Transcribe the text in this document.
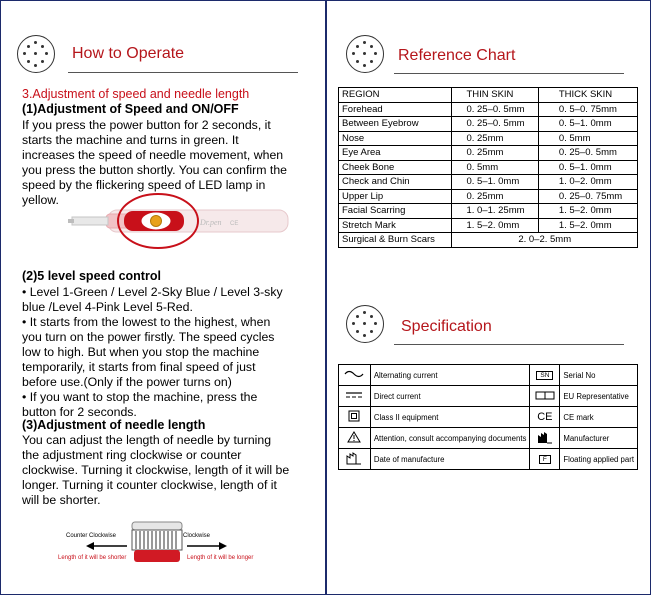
How to Operate
3.Adjustment of speed and needle length
(1)Adjustment of Speed and ON/OFF
If you press the power button for 2 seconds, it
starts the machine and turns in green. It
increases the speed of needle movement, when
you press the button shortly. You can confirm the
speed by the flickering speed of LED lamp in
yellow.
Dr.pen CE
(2)5 level speed control
• Level 1-Green / Level 2-Sky Blue / Level 3-sky
blue /Level 4-Pink Level 5-Red.
• It starts from the lowest to the highest, when
you turn on the power firstly. The speed cycles
low to high. But when you stop the machine
temporarily, it starts from final speed of just
before use.(Only if the power turns on)
• If you want to stop the machine, press the
button for 2 seconds.
(3)Adjustment of needle length
You can adjust the length of needle by turning
the adjustment ring clockwise or counter
clockwise. Turning it clockwise, length of it will be
longer. Turning it counter clockwise, length of it
will be shorter.
Counter Clockwise	Clockwise
Length of it will be shorter	Length of it will be longer
Reference Chart
REGION	THIN SKIN	THICK SKIN
Forehead	0. 25–0. 5mm	0. 5–0. 75mm
Between Eyebrow	0. 25–0. 5mm	0. 5–1. 0mm
Nose	0. 25mm	0. 5mm
Eye Area	0. 25mm	0. 25–0. 5mm
Cheek Bone	0. 5mm	0. 5–1. 0mm
Check and Chin	0. 5–1. 0mm	1. 0–2. 0mm
Upper Lip	0. 25mm	0. 25–0. 75mm
Facial Scarring	1. 0–1. 25mm	1. 5–2. 0mm
Stretch Mark	1. 5–2. 0mm	1. 5–2. 0mm
Surgical & Burn Scars	2. 0–2. 5mm	
Specification
	Alternating current	SN	Serial No
	Direct current		EU Representative
	Class II equipment	CE	CE mark
	Attention, consult accompanying documents		Manufacturer
	Date of manufacture	F	Floating applied part
